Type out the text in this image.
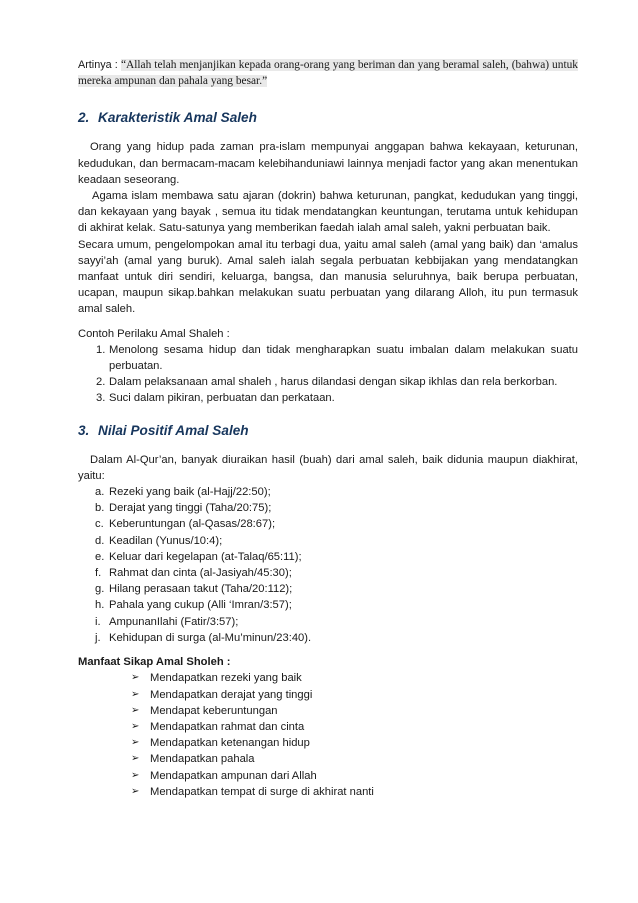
Artinya : “Allah telah menjanjikan kepada orang-orang yang beriman dan yang beramal saleh, (bahwa) untuk mereka ampunan dan pahala yang besar.”

2. Karakteristik Amal Saleh

Orang yang hidup pada zaman pra-islam mempunyai anggapan bahwa kekayaan, keturunan, kedudukan, dan bermacam-macam kelebihanduniawi lainnya menjadi factor yang akan menentukan keadaan seseorang.

Agama islam membawa satu ajaran (dokrin) bahwa keturunan, pangkat, kedudukan yang tinggi, dan kekayaan yang bayak , semua itu tidak mendatangkan keuntungan, terutama untuk kehidupan di akhirat kelak. Satu-satunya yang memberikan faedah ialah amal saleh, yakni perbuatan baik.

Secara umum, pengelompokan amal itu terbagi dua, yaitu amal saleh (amal yang baik) dan ‘amalus sayyi’ah (amal yang buruk). Amal saleh ialah segala perbuatan kebbijakan yang mendatangkan manfaat untuk diri sendiri, keluarga, bangsa, dan manusia seluruhnya, baik berupa perbuatan, ucapan, maupun sikap.bahkan melakukan suatu perbuatan yang dilarang Alloh, itu pun termasuk amal saleh.

Contoh Perilaku Amal Shaleh :

1. Menolong sesama hidup dan tidak mengharapkan suatu imbalan dalam melakukan suatu perbuatan.
2. Dalam pelaksanaan amal shaleh , harus dilandasi dengan sikap ikhlas dan rela berkorban.
3. Suci dalam pikiran, perbuatan dan perkataan.
3. Nilai Positif Amal Saleh

Dalam Al-Qur’an, banyak diuraikan hasil (buah) dari amal saleh, baik didunia maupun diakhirat, yaitu:

a. Rezeki yang baik (al-Hajj/22:50);
b. Derajat yang tinggi (Taha/20:75);
c. Keberuntungan (al-Qasas/28:67);
d. Keadilan (Yunus/10:4);
e. Keluar dari kegelapan (at-Talaq/65:11);
f. Rahmat dan cinta (al-Jasiyah/45:30);
g. Hilang perasaan takut (Taha/20:112);
h. Pahala yang cukup (Alli ‘Imran/3:57);
i. AmpunanIlahi (Fatir/3:57);
j. Kehidupan di surga (al-Mu’minun/23:40).

Manfaat Sikap Amal Sholeh :

➢ Mendapatkan rezeki yang baik
➢ Mendapatkan derajat yang tinggi
➢ Mendapat keberuntungan
➢ Mendapatkan rahmat dan cinta
➢ Mendapatkan ketenangan hidup
➢ Mendapatkan pahala
➢ Mendapatkan ampunan dari Allah
➢ Mendapatkan tempat di surge di akhirat nanti
